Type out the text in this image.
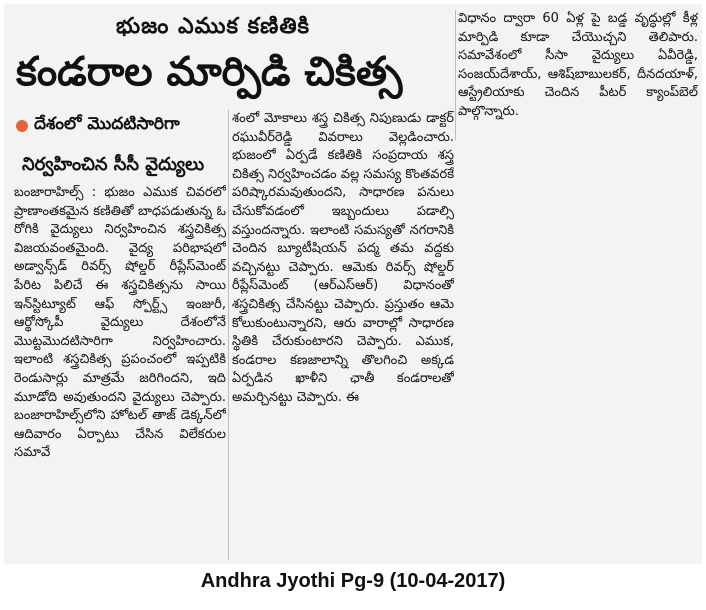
భుజం ఎముక కణితికి
కండరాల మార్పిడి చికిత్స
దేశంలో మొదటిసారిగా
నిర్వహించిన సీసీ వైద్యులు
బంజారాహిల్స్ : భుజం ఎముక చివరలో ప్రాణాంతకమైన కణితితో బాధపడుతున్న ఓ రోగికి వైద్యులు నిర్వహించిన శస్త్రచికిత్స విజయవంతమైంది. వైద్య పరిభాషలో అడ్వాన్స్‌డ్ రివర్స్ షోల్డర్ రీప్లేస్‌మెంట్ పేరిట పిలిచే ఈ శస్త్రచికిత్సను సాయి ఇన్‌స్టిట్యూట్ ఆఫ్ స్పోర్ట్స్ ఇంజురీ, ఆర్థోస్కోపీ వైద్యులు దేశంలోనే మొట్టమొదటిసారిగా నిర్వహించారు. ఇలాంటి శస్త్రచికిత్స ప్రపంచంలో ఇప్పటికి రెండుసార్లు మాత్రమే జరిగిందని, ఇది మూడోది అవుతుందని వైద్యులు చెప్పారు. బంజారాహిల్స్‌లోని హోటల్ తాజ్ డెక్కన్‌లో ఆదివారం ఏర్పాటు చేసిన విలేకరుల సమావే
శంలో మోకాలు శస్త్ర చికిత్స నిపుణుడు డాక్టర్ రఘువీర్‌రెడ్డి వివరాలు వెల్లడించారు. భుజంలో ఏర్పడే కణితికి సంప్రదాయ శస్త్ర చికిత్స నిర్వహించడం వల్ల సమస్య కొంతవరకే పరిష్కారమవుతుందని, సాధారణ పనులు చేసుకోవడంలో ఇబ్బందులు పడాల్సి వస్తుందన్నారు. ఇలాంటి సమస్యతో నగరానికి చెందిన బ్యూటీషియన్ పద్మ తమ వద్దకు వచ్చినట్టు చెప్పారు. ఆమెకు రివర్స్ షోల్డర్ రీప్లేస్‌మెంట్ (ఆర్ఎస్ఆర్) విధానంతో శస్త్రచికిత్స చేసినట్టు చెప్పారు. ప్రస్తుతం ఆమె కోలుకుంటున్నారని, ఆరు వారాల్లో సాధారణ స్థితికి చేరుకుంటారని చెప్పారు. ఎముక, కండరాల కణజాలాన్ని తొలగించి అక్కడ ఏర్పడిన ఖాళీని ఛాతీ కండరాలతో అమర్చినట్టు చెప్పారు. ఈ
విధానం ద్వారా 60 ఏళ్ల పై బడ్డ వృద్ధుల్లో కీళ్ల మార్పిడి కూడా చేయొచ్చని తెలిపారు. సమావేశంలో సీసా వైద్యులు ఏవీరెడ్డి, సంజయ్‌దేశాయ్, ఆశిష్‌బాబులకర్, దీనదయాళ్, ఆస్ట్రేలియాకు చెందిన పీటర్ క్యాంప్‌బెల్ పాల్గొన్నారు.
Andhra Jyothi Pg-9 (10-04-2017)
